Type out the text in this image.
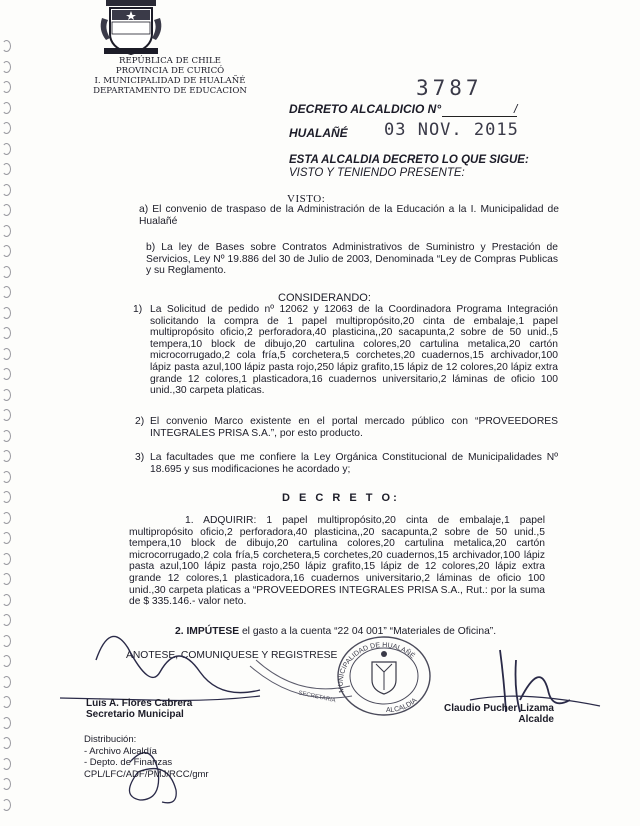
REPÚBLICA DE CHILE
PROVINCIA DE CURICÓ
I. MUNICIPALIDAD DE HUALAÑÉ
DEPARTAMENTO DE EDUCACION	3787
03 NOV. 2015
DECRETO ALCALDICIO N°	/
HUALAÑÉ
ESTA ALCALDIA DECRETO LO QUE SIGUE:
VISTO Y TENIENDO PRESENTE:
VISTO:
a) El convenio de traspaso de la Administración de la Educación a la I. Municipalidad de Hualañé
b) La ley de Bases sobre Contratos Administrativos de Suministro y Prestación de Servicios, Ley Nº 19.886 del 30 de Julio de 2003, Denominada “Ley de Compras Publicas y su Reglamento.
CONSIDERANDO:
1) La Solicitud de pedido nº 12062 y 12063 de la Coordinadora Programa Integración solicitando la compra de 1 papel multipropósito,20 cinta de embalaje,1 papel multipropósito oficio,2 perforadora,40 plasticina,,20 sacapunta,2 sobre de 50 unid.,5 tempera,10 block de dibujo,20 cartulina colores,20 cartulina metalica,20 cartón microcorrugado,2 cola fría,5 corchetera,5 corchetes,20 cuadernos,15 archivador,100 lápiz pasta azul,100 lápiz pasta rojo,250 lápiz grafito,15 lápiz de 12 colores,20 lápiz extra grande 12 colores,1 plasticadora,16 cuadernos universitario,2 láminas de oficio 100 unid.,30 carpeta platicas.
2) El convenio Marco existente en el portal mercado público con “PROVEEDORES INTEGRALES PRISA S.A.”, por esto producto.
3) La facultades que me confiere la Ley Orgánica Constitucional de Municipalidades Nº 18.695 y sus modificaciones he acordado y;
D E C R E T O:
1. ADQUIRIR: 1 papel multipropósito,20 cinta de embalaje,1 papel multipropósito oficio,2 perforadora,40 plasticina,,20 sacapunta,2 sobre de 50 unid.,5 tempera,10 block de dibujo,20 cartulina colores,20 cartulina metalica,20 cartón microcorrugado,2 cola fría,5 corchetera,5 corchetes,20 cuadernos,15 archivador,100 lápiz pasta azul,100 lápiz pasta rojo,250 lápiz grafito,15 lápiz de 12 colores,20 lápiz extra grande 12 colores,1 plasticadora,16 cuadernos universitario,2 láminas de oficio 100 unid.,30 carpeta platicas a “PROVEEDORES INTEGRALES PRISA S.A., Rut.: por la suma de $ 335.146.- valor neto.
2. IMPÚTESE el gasto a la cuenta “22 04 001” “Materiales de Oficina”.
ANOTESE, COMUNIQUESE Y REGISTRESE
MUNICIPALIDAD DE HUALAÑÉ
ALCALDIA
SECRETARIA
Luis A. Flores Cabrera
Secretario Municipal
Claudio Pucher Lizama
Alcalde
Distribución:
- Archivo Alcaldía
- Depto. de Finanzas
CPL/LFC/ADF/PMJ/RCC/gmr
